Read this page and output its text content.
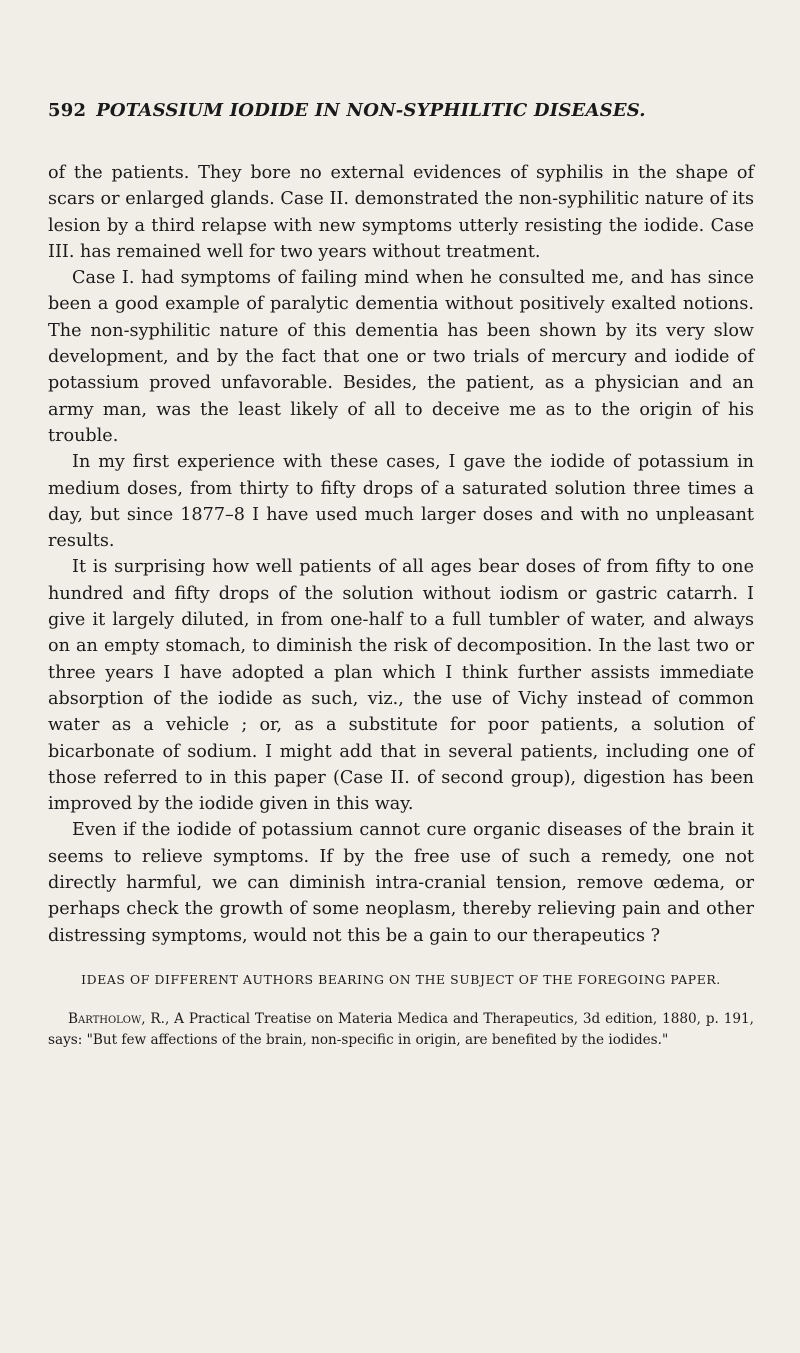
592 POTASSIUM IODIDE IN NON-SYPHILITIC DISEASES.

of the patients. They bore no external evidences of syphilis in the shape of scars or enlarged glands. Case II. demonstrated the non-syphilitic nature of its lesion by a third relapse with new symptoms utterly resisting the iodide. Case III. has remained well for two years without treatment.

Case I. had symptoms of failing mind when he consulted me, and has since been a good example of paralytic dementia without positively exalted notions. The non-syphilitic nature of this dementia has been shown by its very slow development, and by the fact that one or two trials of mercury and iodide of potassium proved unfavorable. Besides, the patient, as a physician and an army man, was the least likely of all to deceive me as to the origin of his trouble.

In my first experience with these cases, I gave the iodide of potassium in medium doses, from thirty to fifty drops of a saturated solution three times a day, but since 1877–8 I have used much larger doses and with no unpleasant results.

It is surprising how well patients of all ages bear doses of from fifty to one hundred and fifty drops of the solution without iodism or gastric catarrh. I give it largely diluted, in from one-half to a full tumbler of water, and always on an empty stomach, to diminish the risk of decomposition. In the last two or three years I have adopted a plan which I think further assists immediate absorption of the iodide as such, viz., the use of Vichy instead of common water as a vehicle ; or, as a substitute for poor patients, a solution of bicarbonate of sodium. I might add that in several patients, including one of those referred to in this paper (Case II. of second group), digestion has been improved by the iodide given in this way.

Even if the iodide of potassium cannot cure organic diseases of the brain it seems to relieve symptoms. If by the free use of such a remedy, one not directly harmful, we can diminish intra-cranial tension, remove œdema, or perhaps check the growth of some neoplasm, thereby relieving pain and other distressing symptoms, would not this be a gain to our therapeutics ?

IDEAS OF DIFFERENT AUTHORS BEARING ON THE SUBJECT OF THE FOREGOING PAPER.

Bartholow, R., A Practical Treatise on Materia Medica and Therapeutics, 3d edition, 1880, p. 191, says: "But few affections of the brain, non-specific in origin, are benefited by the iodides."
